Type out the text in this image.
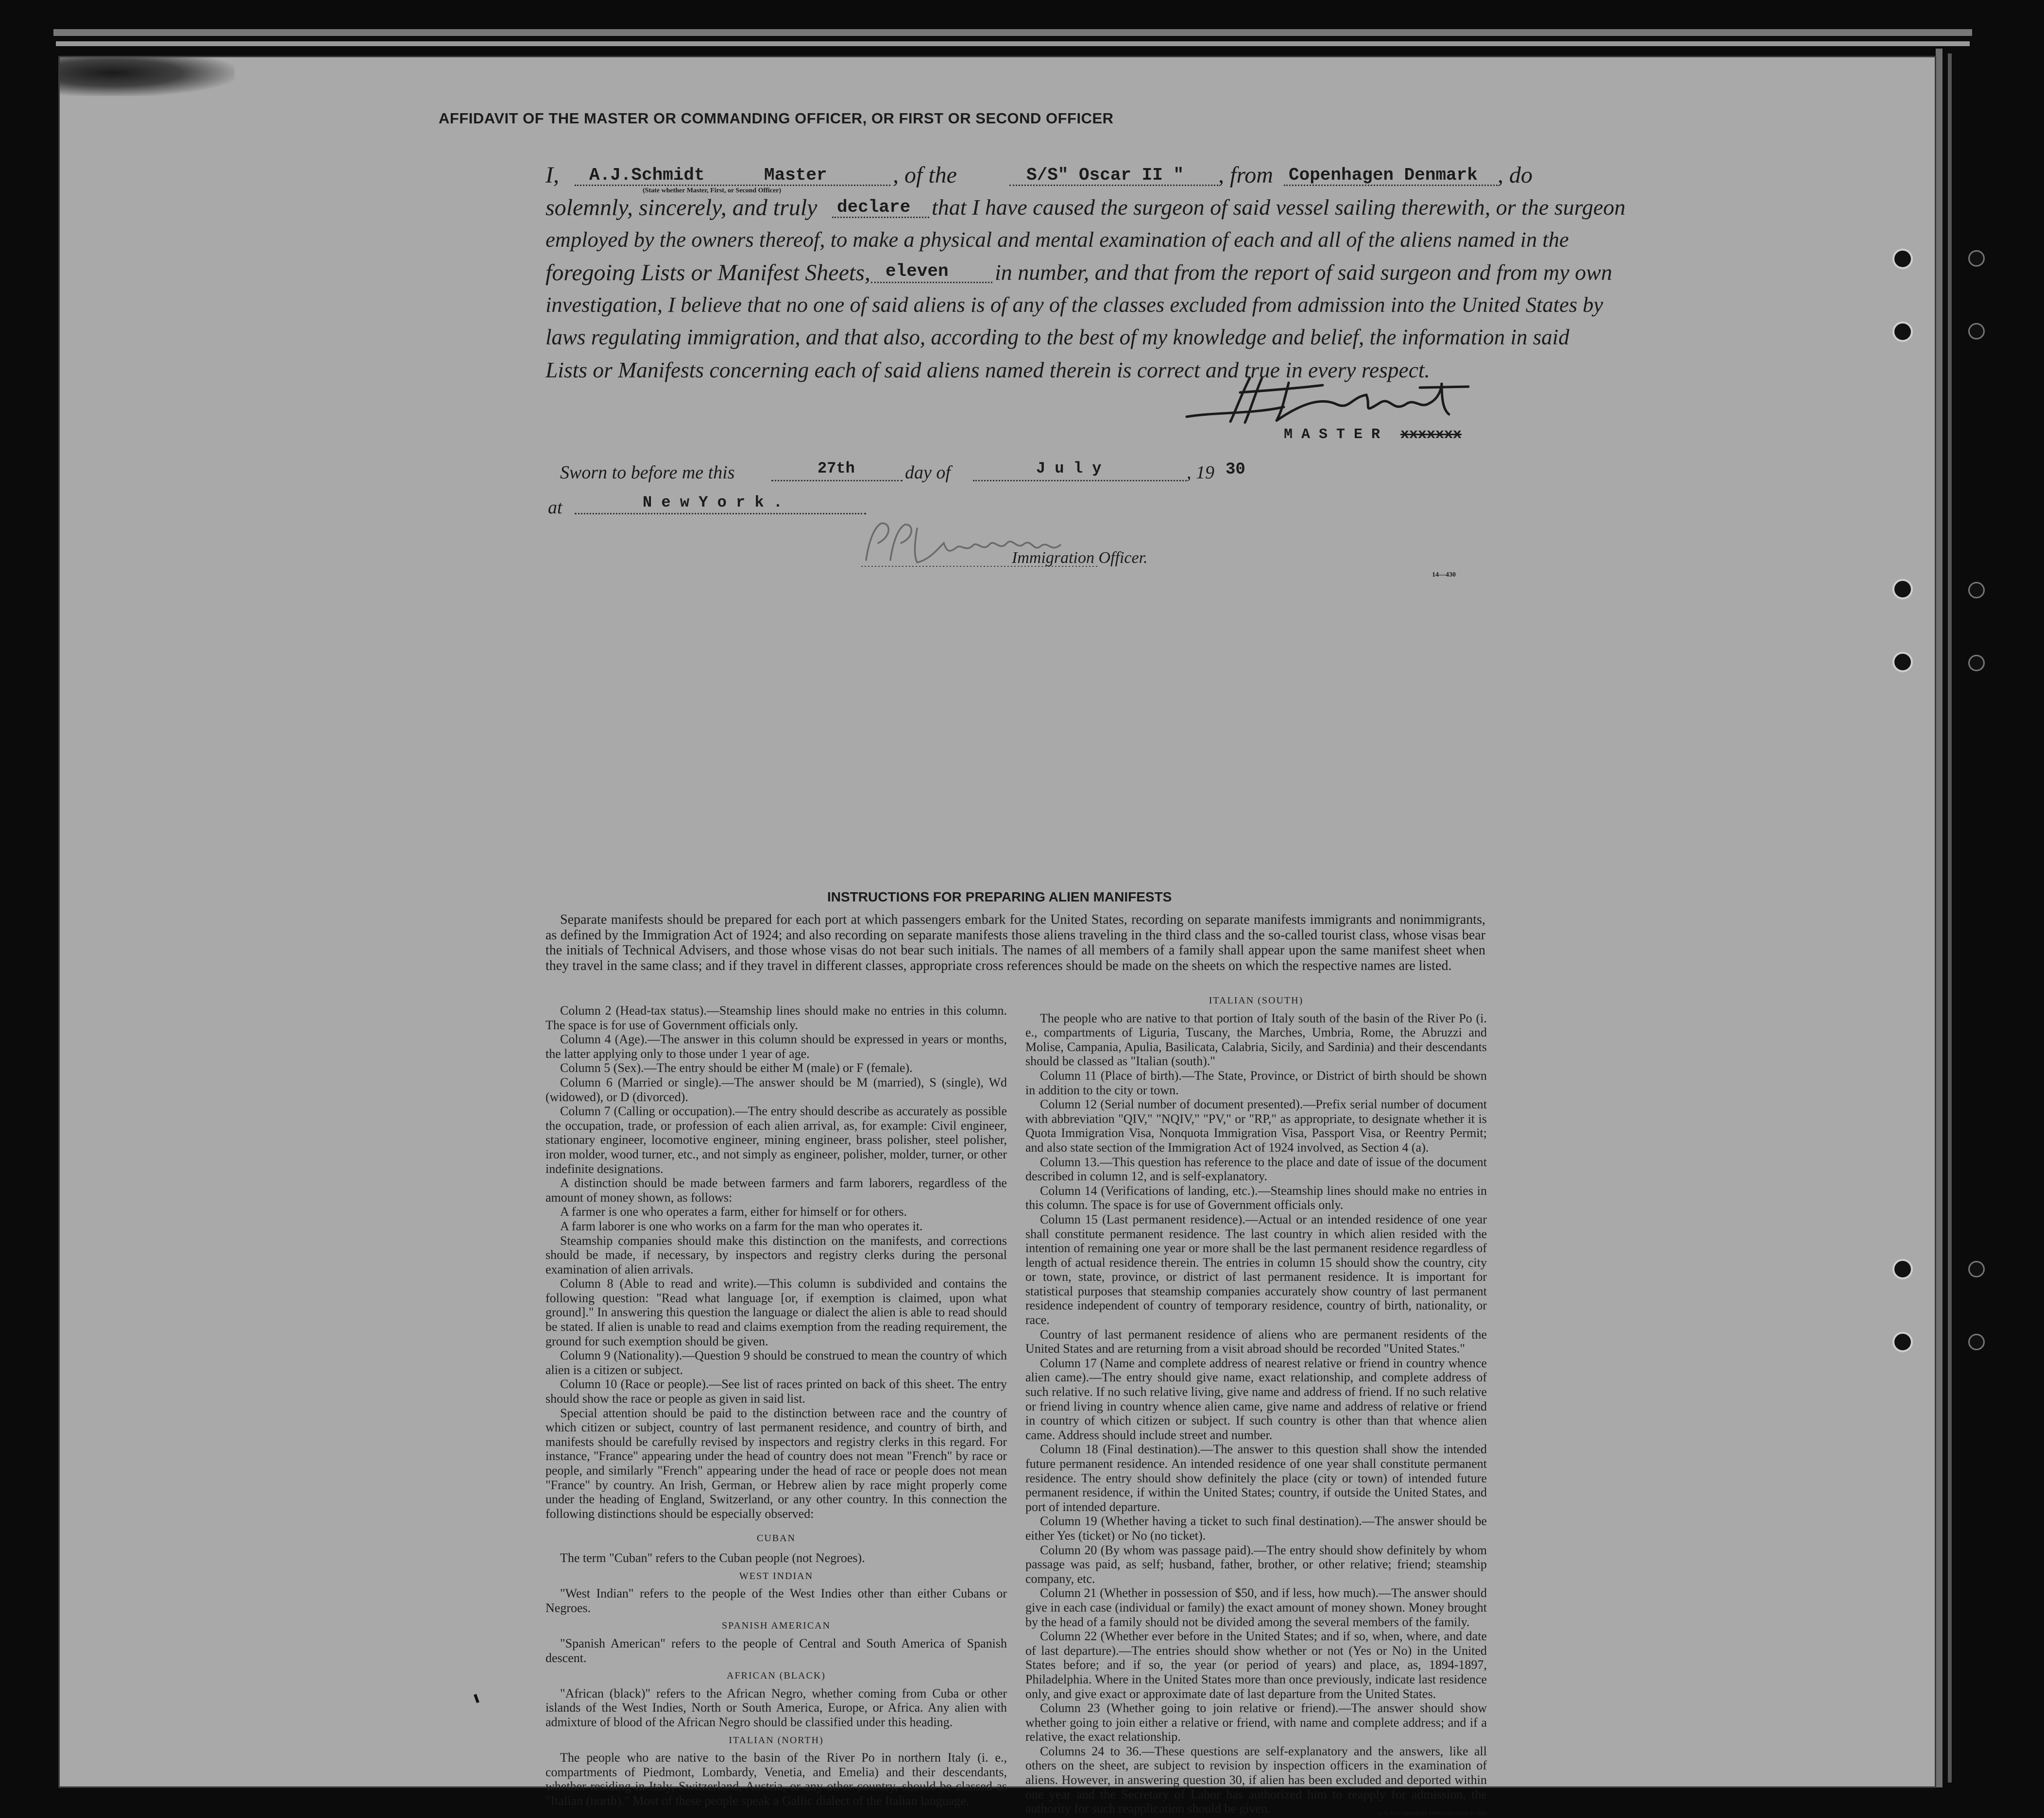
AFFIDAVIT OF THE MASTER OR COMMANDING OFFICER, OR FIRST OR SECOND OFFICER
I, A.J.Schmidt	Master	, of the	S/S" Oscar II " , from Copenhagen Denmark , do
(State whether Master, First, or Second Officer)
solemnly, sincerely, and truly declare that I have caused the surgeon of said vessel sailing therewith, or the surgeon
employed by the owners thereof, to make a physical and mental examination of each and all of the aliens named in the
foregoing Lists or Manifest Sheets, eleven in number, and that from the report of said surgeon and from my own
investigation, I believe that no one of said aliens is of any of the classes excluded from admission into the United States by
laws regulating immigration, and that also, according to the best of my knowledge and belief, the information in said
Lists or Manifests concerning each of said aliens named therein is correct and true in every respect.
M A S T E R xxxxxxx
Sworn to before me this	27th	day of	J u l y	, 19 30
at	N e w Y o r k .
Immigration Officer.
14—430
INSTRUCTIONS FOR PREPARING ALIEN MANIFESTS

Separate manifests should be prepared for each port at which passengers embark for the United States, recording on separate manifests immigrants and nonimmigrants, as defined by the Immigration Act of 1924; and also recording on separate manifests those aliens traveling in the third class and the so-called tourist class, whose visas bear the initials of Technical Advisers, and those whose visas do not bear such initials. The names of all members of a family shall appear upon the same manifest sheet when they travel in the same class; and if they travel in different classes, appropriate cross references should be made on the sheets on which the respective names are listed.

Column 2 (Head-tax status).—Steamship lines should make no entries in this column. The space is for use of Government officials only.

Column 4 (Age).—The answer in this column should be expressed in years or months, the latter applying only to those under 1 year of age.

Column 5 (Sex).—The entry should be either M (male) or F (female).

Column 6 (Married or single).—The answer should be M (married), S (single), Wd (widowed), or D (divorced).

Column 7 (Calling or occupation).—The entry should describe as accurately as possible the occupation, trade, or profession of each alien arrival, as, for example: Civil engineer, stationary engineer, locomotive engineer, mining engineer, brass polisher, steel polisher, iron molder, wood turner, etc., and not simply as engineer, polisher, molder, turner, or other indefinite designations.

A distinction should be made between farmers and farm laborers, regardless of the amount of money shown, as follows:

A farmer is one who operates a farm, either for himself or for others.

A farm laborer is one who works on a farm for the man who operates it.

Steamship companies should make this distinction on the manifests, and corrections should be made, if necessary, by inspectors and registry clerks during the personal examination of alien arrivals.

Column 8 (Able to read and write).—This column is subdivided and contains the following question: "Read what language [or, if exemption is claimed, upon what ground]." In answering this question the language or dialect the alien is able to read should be stated. If alien is unable to read and claims exemption from the reading requirement, the ground for such exemption should be given.

Column 9 (Nationality).—Question 9 should be construed to mean the country of which alien is a citizen or subject.

Column 10 (Race or people).—See list of races printed on back of this sheet. The entry should show the race or people as given in said list.

Special attention should be paid to the distinction between race and the country of which citizen or subject, country of last permanent residence, and country of birth, and manifests should be carefully revised by inspectors and registry clerks in this regard. For instance, "France" appearing under the head of country does not mean "French" by race or people, and similarly "French" appearing under the head of race or people does not mean "France" by country. An Irish, German, or Hebrew alien by race might properly come under the heading of England, Switzerland, or any other country. In this connection the following distinctions should be especially observed:

CUBAN

The term "Cuban" refers to the Cuban people (not Negroes).

WEST INDIAN

"West Indian" refers to the people of the West Indies other than either Cubans or Negroes.

SPANISH AMERICAN

"Spanish American" refers to the people of Central and South America of Spanish descent.

AFRICAN (BLACK)

"African (black)" refers to the African Negro, whether coming from Cuba or other islands of the West Indies, North or South America, Europe, or Africa. Any alien with admixture of blood of the African Negro should be classified under this heading.

ITALIAN (NORTH)

The people who are native to the basin of the River Po in northern Italy (i. e., compartments of Piedmont, Lombardy, Venetia, and Emelia) and their descendants, whether residing in Italy, Switzerland, Austria, or any other country, should be classed as "Italian (north)." Most of these people speak a Gallic dialect of the Italian language.

ITALIAN (SOUTH)

The people who are native to that portion of Italy south of the basin of the River Po (i. e., compartments of Liguria, Tuscany, the Marches, Umbria, Rome, the Abruzzi and Molise, Campania, Apulia, Basilicata, Calabria, Sicily, and Sardinia) and their descendants should be classed as "Italian (south)."

Column 11 (Place of birth).—The State, Province, or District of birth should be shown in addition to the city or town.

Column 12 (Serial number of document presented).—Prefix serial number of document with abbreviation "QIV," "NQIV," "PV," or "RP," as appropriate, to designate whether it is Quota Immigration Visa, Nonquota Immigration Visa, Passport Visa, or Reentry Permit; and also state section of the Immigration Act of 1924 involved, as Section 4 (a).

Column 13.—This question has reference to the place and date of issue of the document described in column 12, and is self-explanatory.

Column 14 (Verifications of landing, etc.).—Steamship lines should make no entries in this column. The space is for use of Government officials only.

Column 15 (Last permanent residence).—Actual or an intended residence of one year shall constitute permanent residence. The last country in which alien resided with the intention of remaining one year or more shall be the last permanent residence regardless of length of actual residence therein. The entries in column 15 should show the country, city or town, state, province, or district of last permanent residence. It is important for statistical purposes that steamship companies accurately show country of last permanent residence independent of country of temporary residence, country of birth, nationality, or race.

Country of last permanent residence of aliens who are permanent residents of the United States and are returning from a visit abroad should be recorded "United States."

Column 17 (Name and complete address of nearest relative or friend in country whence alien came).—The entry should give name, exact relationship, and complete address of such relative. If no such relative living, give name and address of friend. If no such relative or friend living in country whence alien came, give name and address of relative or friend in country of which citizen or subject. If such country is other than that whence alien came. Address should include street and number.

Column 18 (Final destination).—The answer to this question shall show the intended future permanent residence. An intended residence of one year shall constitute permanent residence. The entry should show definitely the place (city or town) of intended future permanent residence, if within the United States; country, if outside the United States, and port of intended departure.

Column 19 (Whether having a ticket to such final destination).—The answer should be either Yes (ticket) or No (no ticket).

Column 20 (By whom was passage paid).—The entry should show definitely by whom passage was paid, as self; husband, father, brother, or other relative; friend; steamship company, etc.

Column 21 (Whether in possession of $50, and if less, how much).—The answer should give in each case (individual or family) the exact amount of money shown. Money brought by the head of a family should not be divided among the several members of the family.

Column 22 (Whether ever before in the United States; and if so, when, where, and date of last departure).—The entries should show whether or not (Yes or No) in the United States before; and if so, the year (or period of years) and place, as, 1894-1897, Philadelphia. Where in the United States more than once previously, indicate last residence only, and give exact or approximate date of last departure from the United States.

Column 23 (Whether going to join relative or friend).—The answer should show whether going to join either a relative or friend, with name and complete address; and if a relative, the exact relationship.

Columns 24 to 36.—These questions are self-explanatory and the answers, like all others on the sheet, are subject to revision by inspection officers in the examination of aliens. However, in answering question 30, if alien has been excluded and deported within one year and the Secretary of Labor has authorized him to reapply for admission, the authority for such reapplication should be given.	U. S. GOVERNMENT PRINTING OFFICE: 1929
